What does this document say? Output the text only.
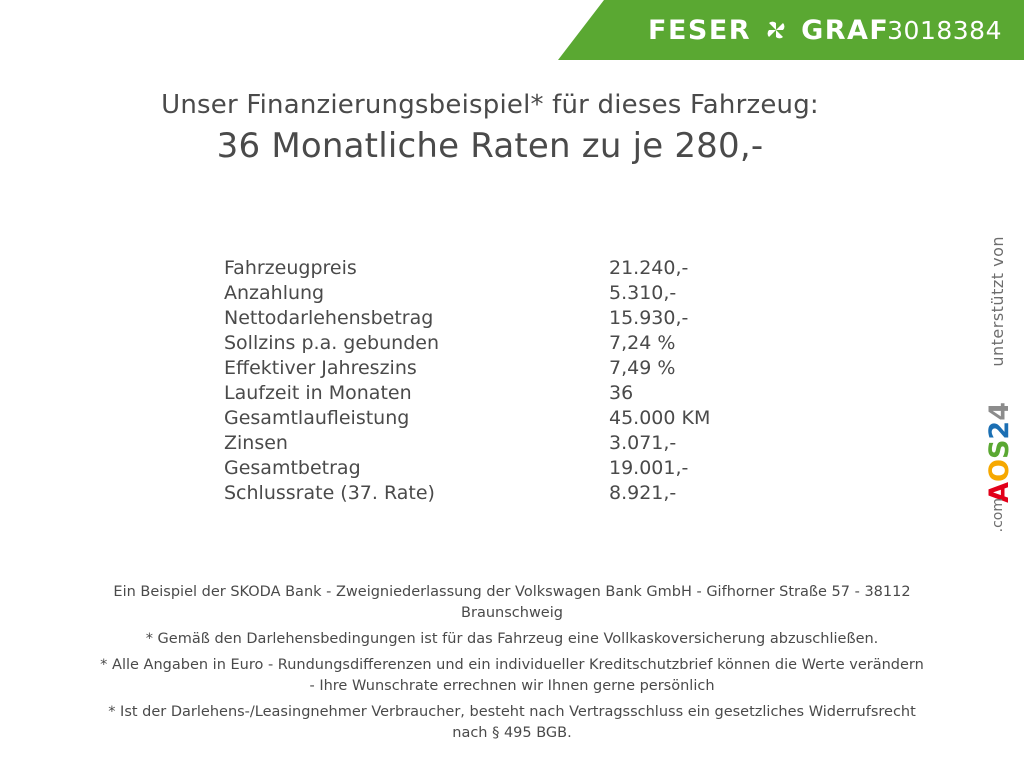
FESER GRAF
3018384
Unser Finanzierungsbeispiel* für dieses Fahrzeug:
36 Monatliche Raten zu je 280,-
Fahrzeugpreis	21.240,-
Anzahlung	5.310,-
Nettodarlehensbetrag	15.930,-
Sollzins p.a. gebunden	7,24 %
Effektiver Jahreszins	7,49 %
Laufzeit in Monaten	36
Gesamtlaufleistung	45.000 KM
Zinsen	3.071,-
Gesamtbetrag	19.001,-
Schlussrate (37. Rate)	8.921,-
unterstützt von
AOS24
.com

Ein Beispiel der SKODA Bank - Zweigniederlassung der Volkswagen Bank GmbH - Gifhorner Straße 57 - 38112

Braunschweig

* Gemäß den Darlehensbedingungen ist für das Fahrzeug eine Vollkaskoversicherung abzuschließen.

* Alle Angaben in Euro - Rundungsdifferenzen und ein individueller Kreditschutzbrief können die Werte verändern

- Ihre Wunschrate errechnen wir Ihnen gerne persönlich

* Ist der Darlehens-/Leasingnehmer Verbraucher, besteht nach Vertragsschluss ein gesetzliches Widerrufsrecht

nach § 495 BGB.
